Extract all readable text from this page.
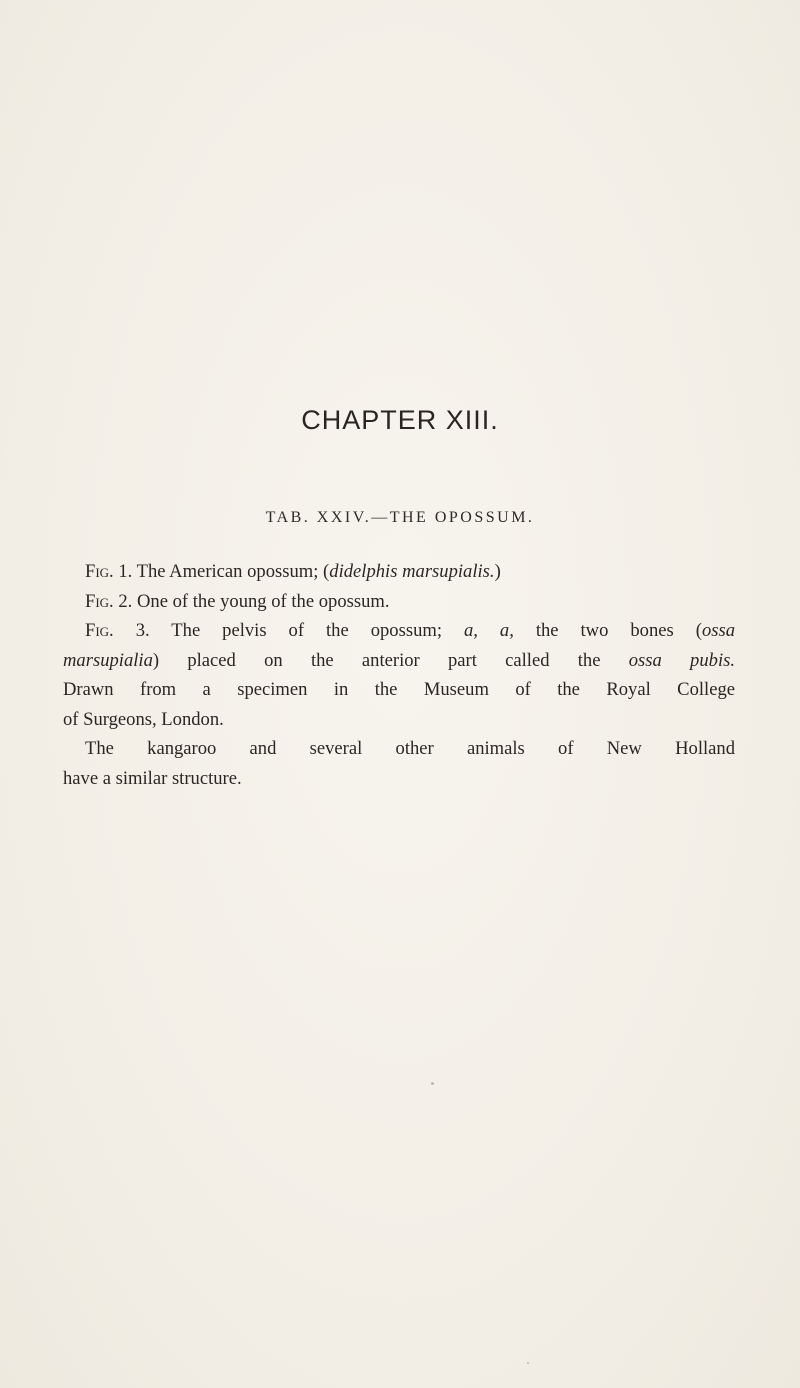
CHAPTER XIII.
TAB. XXIV.—THE OPOSSUM.
Fig. 1. The American opossum; (didelphis marsupialis.)
Fig. 2. One of the young of the opossum.
Fig. 3. The pelvis of the opossum; a, a, the two bones (ossa
marsupialia) placed on the anterior part called the ossa pubis.
Drawn from a specimen in the Museum of the Royal College
of Surgeons, London.
The kangaroo and several other animals of New Holland
have a similar structure.
